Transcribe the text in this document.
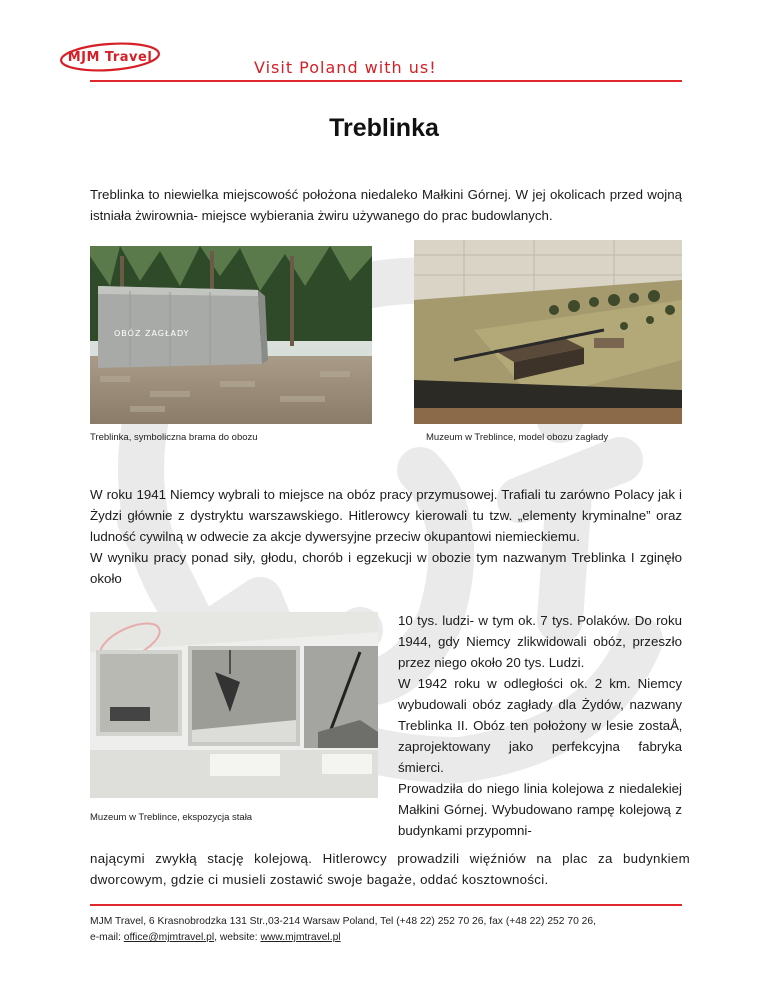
MJM Travel
Visit Poland with us!
Treblinka
Treblinka to niewielka miejscowość położona niedaleko Małkini Górnej. W jej okolicach przed wojną istniała żwirownia- miejsce wybierania żwiru używanego do prac budowlanych.
OBÓZ ZAGŁADY
Treblinka, symboliczna brama do obozu	Muzeum w Treblince, model obozu zagłady
W roku 1941 Niemcy wybrali to miejsce na obóz pracy przymusowej. Trafiali tu zarówno Polacy jak i Żydzi głównie z dystryktu warszawskiego. Hitlerowcy kierowali tu tzw. „elementy kryminalne” oraz ludność cywilną w odwecie za akcje dywersyjne przeciw okupantowi niemieckiemu.
W wyniku pracy ponad siły, głodu, chorób i egzekucji w obozie tym nazwanym Treblinka I zginęło około
Muzeum w Treblince, ekspozycja stała
10 tys. ludzi- w tym ok. 7 tys. Polaków. Do roku 1944, gdy Niemcy zlikwidowali obóz, przeszło przez niego około 20 tys. Ludzi.
W 1942 roku w odległości ok. 2 km. Niemcy wybudowali obóz zagłady dla Żydów, nazwany Treblinka II. Obóz ten położony w lesie zostaÅ‚ zaprojektowany jako perfekcyjna fabryka śmierci.
Prowadziła do niego linia kolejowa z niedalekiej Małkini Górnej. Wybudowano rampę kolejową z budynkami przypomni-
nającymi zwykłą stację kolejową. Hitlerowcy prowadzili więźniów na plac za budynkiem dworcowym, gdzie ci musieli zostawić swoje bagaże, oddać kosztowności.
MJM Travel, 6 Krasnobrodzka 131 Str.,03-214 Warsaw Poland, Tel (+48 22) 252 70 26, fax (+48 22) 252 70 26,
e-mail: office@mjmtravel.pl, website: www.mjmtravel.pl
